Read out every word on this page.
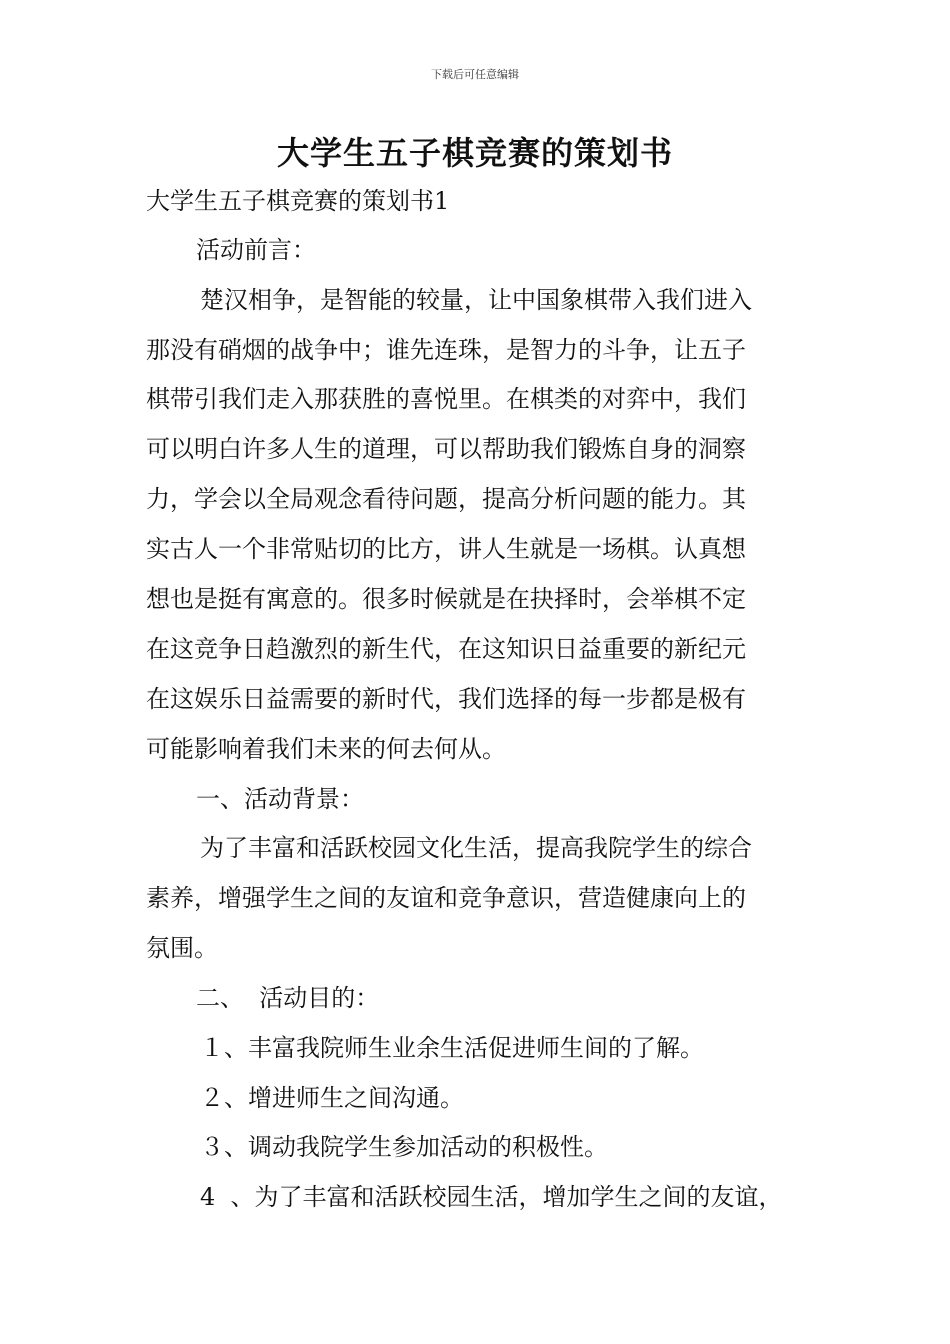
下载后可任意编辑
大学生五子棋竞赛的策划书
大学生五子棋竞赛的策划书1
活动前言：
楚汉相争，是智能的较量，让中国象棋带入我们进入
那没有硝烟的战争中；谁先连珠，是智力的斗争，让五子
棋带引我们走入那获胜的喜悦里。在棋类的对弈中，我们
可以明白许多人生的道理，可以帮助我们锻炼自身的洞察
力，学会以全局观念看待问题，提高分析问题的能力。其
实古人一个非常贴切的比方，讲人生就是一场棋。认真想
想也是挺有寓意的。很多时候就是在抉择时，会举棋不定
在这竞争日趋激烈的新生代，在这知识日益重要的新纪元
在这娱乐日益需要的新时代，我们选择的每一步都是极有
可能影响着我们未来的何去何从。
一、活动背景：
为了丰富和活跃校园文化生活，提高我院学生的综合
素养，增强学生之间的友谊和竞争意识，营造健康向上的
氛围。
二、  活动目的：
１、丰富我院师生业余生活促进师生间的了解。
２、增进师生之间沟通。
３、调动我院学生参加活动的积极性。
4  、为了丰富和活跃校园生活，增加学生之间的友谊，
